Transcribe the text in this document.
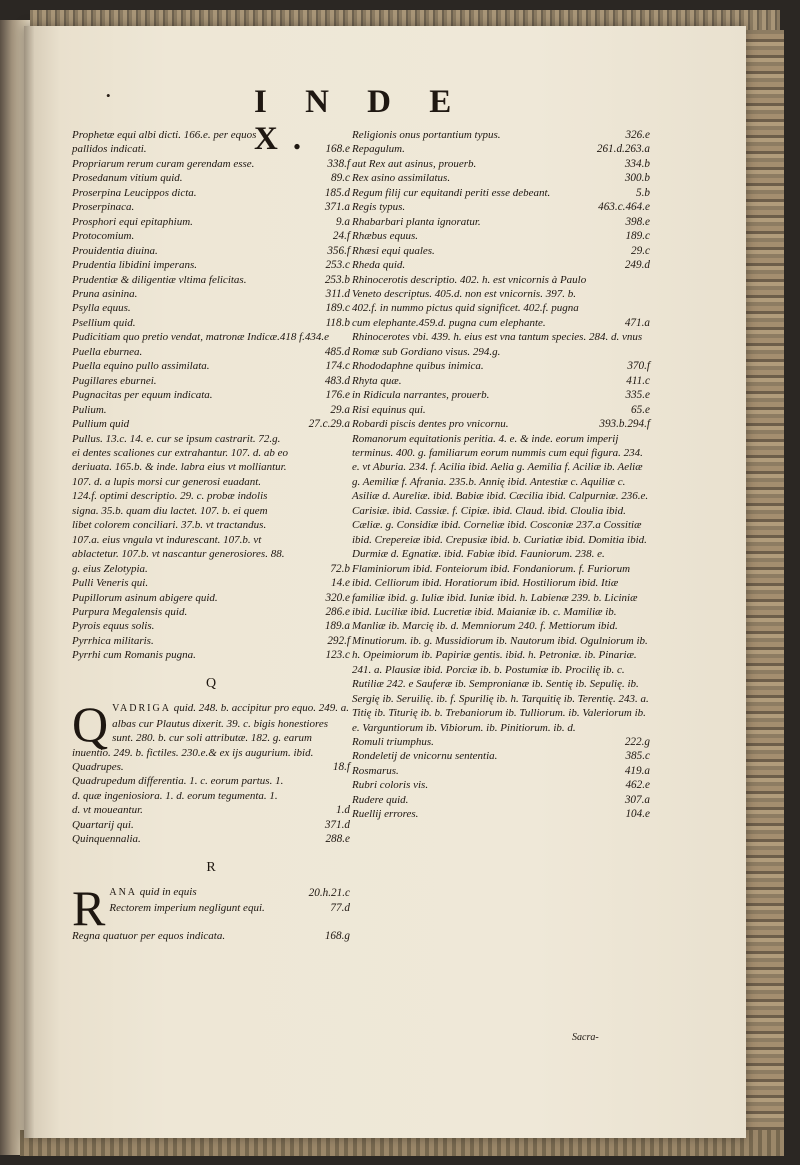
•	I N D E X.
Prophetæ equi albi dicti. 166.e. per equos pallidos indicati.	168.e
Propriarum rerum curam gerendam esse.	338.f
Prosedanum vitium quid.	89.c
Proserpina Leucippos dicta.	185.d
Proserpinaca.	371.a
Prosphori equi epitaphium.	9.a
Protocomium.	24.f
Prouidentia diuina.	356.f
Prudentia libidini imperans.	253.c
Prudentiæ & diligentiæ vltima felicitas.	253.b
Pruna asinina.	311.d
Psylla equus.	189.c
Psellium quid.	118.b
Pudicitiam quo pretio vendat, matronæ Indicæ.418 f.434.e
Puella eburnea.	485.d
Puella equino pullo assimilata.	174.c
Pugillares eburnei.	483.d
Pugnacitas per equum indicata.	176.e
Pulium.	29.a
Pullium quid	27.c.29.a
Pullus. 13.c. 14. e. cur se ipsum castrarit. 72.g. ei dentes scaliones cur extrahantur. 107. d. ab eo deriuata. 165.b. & inde. labra eius vt molliantur. 107. d. a lupis morsi cur generosi euadant. 124.f. optimi descriptio. 29. c. probæ indolis signa. 35.b. quam diu lactet. 107. b. ei quem libet colorem conciliari. 37.b. vt tractandus. 107.a. eius vngula vt indurescant. 107.b. vt ablactetur. 107.b. vt nascantur generosiores. 88. g. eius Zelotypia.	72.b
Pulli Veneris qui.	14.e
Pupillorum asinum abigere quid.	320.e
Purpura Megalensis quid.	286.e
Pyrois equus solis.	189.a
Pyrrhica militaris.	292.f
Pyrrhi cum Romanis pugna.	123.c
Q
Q VADRIGA quid. 248. b. accipitur pro equo. 249. a. albas cur Plautus dixerit. 39. c. bigis honestiores sunt. 280. b. cur soli attributæ. 182. g. earum inuentio. 249. b. fictiles. 230.e.& ex ijs augurium. ibid.
Quadrupes.	18.f
Quadrupedum differentia. 1. c. eorum partus. 1. d. quæ ingeniosiora. 1. d. eorum tegumenta. 1. d. vt moueantur.	1.d
Quartarij qui.	371.d
Quinquennalia.	288.e
R
R ANA quid in equis	20.h.21.c
Rectorem imperium negligunt equi.	77.d
Regna quatuor per equos indicata.	168.g
Religionis onus portantium typus.	326.e
Repagulum.	261.d.263.a
aut Rex aut asinus, prouerb.	334.b
Rex asino assimilatus.	300.b
Regum filij cur equitandi periti esse debeant.	5.b
Regis typus.	463.c.464.e
Rhabarbari planta ignoratur.	398.e
Rhæbus equus.	189.c
Rhæsi equi quales.	29.c
Rheda quid.	249.d
Rhinocerotis descriptio. 402. h. est vnicornis à Paulo Veneto descriptus. 405.d. non est vnicornis. 397. b. 402.f. in nummo pictus quid significet. 402.f. pugna cum elephante.459.d. pugna cum elephante.	471.a
Rhinocerotes vbi. 439. h. eius est vna tantum species. 284. d. vnus Romæ sub Gordiano visus. 294.g.
Rhododaphne quibus inimica.	370.f
Rhyta quæ.	411.c
in Ridicula narrantes, prouerb.	335.e
Risi equinus qui.	65.e
Robardi piscis dentes pro vnicornu.	393.b.294.f
Romanorum equitationis peritia. 4. e. & inde. eorum imperij terminus. 400. g. familiarum eorum nummis cum equi figura. 234. e. vt Aburia. 234. f. Acilia ibid. Aelia g. Aemilia f. Aciliæ ib. Aeliæ g. Aemiliæ f. Afrania. 235.b. Annię ibid. Antestiæ c. Aquiliæ c. Asiliæ d. Aureliæ. ibid. Babiæ ibid. Cæcilia ibid. Calpurniæ. 236.e. Carisiæ. ibid. Cassiæ. f. Cipiæ. ibid. Claud. ibid. Cloulia ibid. Cæliæ. g. Considiæ ibid. Corneliæ ibid. Cosconiæ 237.a Cossitiæ ibid. Crepereiæ ibid. Crepusiæ ibid. b. Curiatiæ ibid. Domitia ibid. Durmiæ d. Egnatiæ. ibid. Fabiæ ibid. Fauniorum. 238. e. Flaminiorum ibid. Fonteiorum ibid. Fondaniorum. f. Furiorum ibid. Celliorum ibid. Horatiorum ibid. Hostiliorum ibid. Itiæ familiæ ibid. g. Iuliæ ibid. Iuniæ ibid. h. Labienæ 239. b. Liciniæ ibid. Luciliæ ibid. Lucretiæ ibid. Maianiæ ib. c. Mamiliæ ib. Manliæ ib. Marcię ib. d. Memniorum 240. f. Mettiorum ibid. Minutiorum. ib. g. Mussidiorum ib. Nautorum ibid. Ogulniorum ib. h. Opeimiorum ib. Papiriæ gentis. ibid. h. Petroniæ. ib. Pinariæ. 241. a. Plausiæ ibid. Porciæ ib. b. Postumiæ ib. Procilię ib. c. Rutiliæ 242. e Sauferæ ib. Sempronianæ ib. Sentię ib. Sepulię. ib. Sergię ib. Seruilię. ib. f. Spurilię ib. h. Tarquitię ib. Terentię. 243. a. Titię ib. Titurię ib. b. Trebaniorum ib. Tulliorum. ib. Valeriorum ib. e. Varguntiorum ib. Vibiorum. ib. Pinitiorum. ib. d.
Romuli triumphus.	222.g
Rondeletij de vnicornu sententia.	385.c
Rosmarus.	419.a
Rubri coloris vis.	462.e
Rudere quid.	307.a
Ruellij errores.	104.e
Sacra-
